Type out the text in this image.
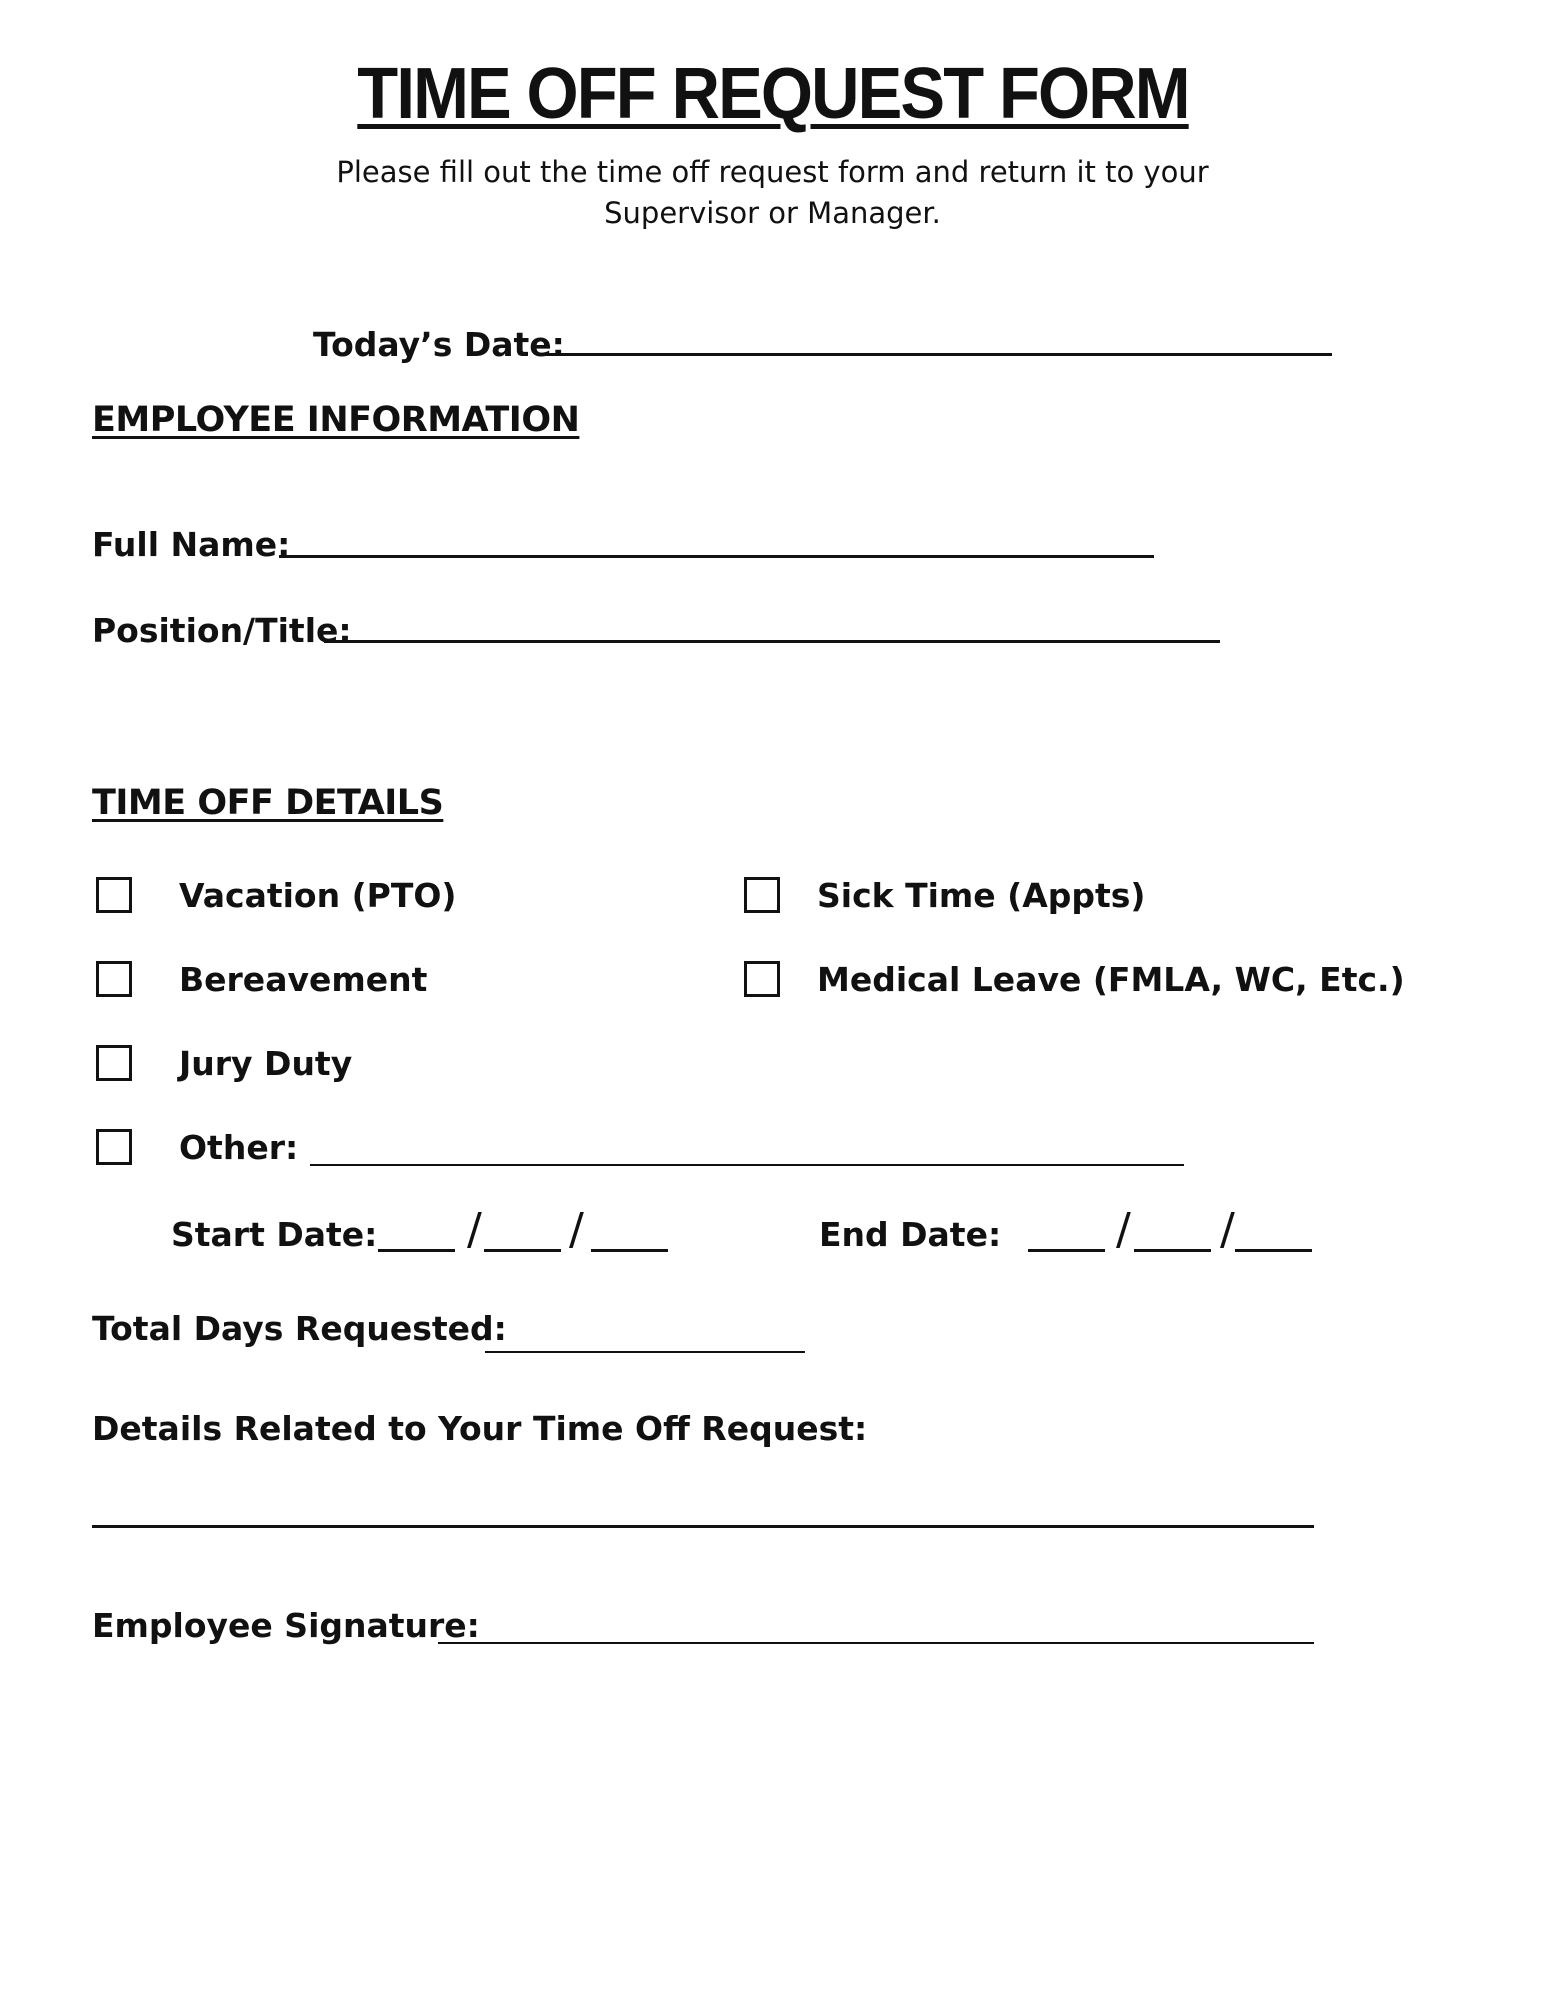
TIME OFF REQUEST FORM
Please fill out the time off request form and return it to your
Supervisor or Manager.
Today’s Date:
EMPLOYEE INFORMATION
Full Name:
Position/Title:
TIME OFF DETAILS
Vacation (PTO)	Sick Time (Appts)
Bereavement	Medical Leave (FMLA, WC, Etc.)
Jury Duty
Other:
Start Date: / /	End Date:	/ /
Total Days Requested:
Details Related to Your Time Off Request:
Employee Signature:
